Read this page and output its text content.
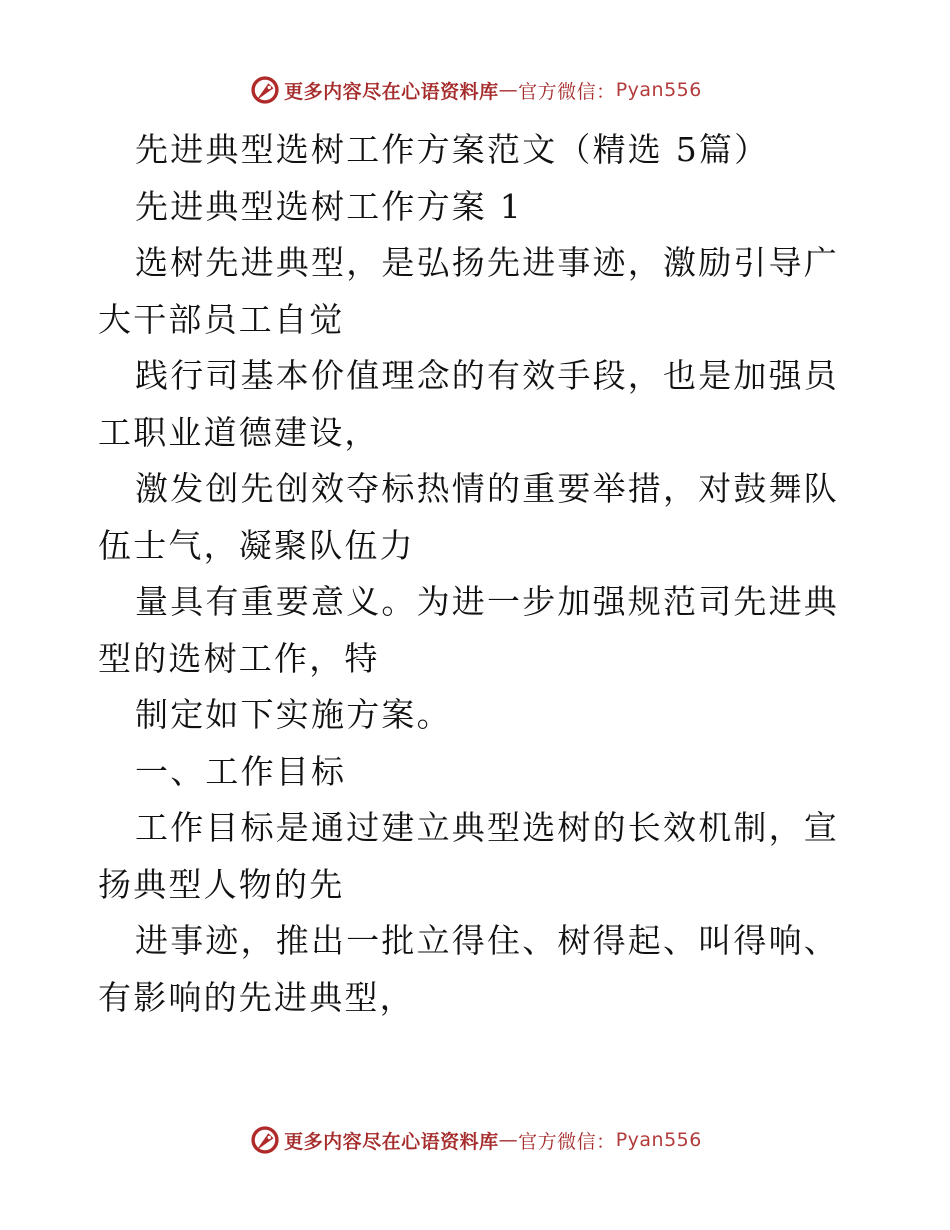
更多内容尽在心语资料库 — 官方微信： Pyan556

先进典型选树工作方案范文（精选 5篇）

先进典型选树工作方案 1

选树先进典型，是弘扬先进事迹，激励引导广大干部员工自觉

践行司基本价值理念的有效手段，也是加强员工职业道德建设，

激发创先创效夺标热情的重要举措，对鼓舞队伍士气，凝聚队伍力

量具有重要意义。为进一步加强规范司先进典型的选树工作，特

制定如下实施方案。

一、工作目标

工作目标是通过建立典型选树的长效机制，宣扬典型人物的先

进事迹，推出一批立得住、树得起、叫得响、有影响的先进典型，

更多内容尽在心语资料库 — 官方微信： Pyan556
